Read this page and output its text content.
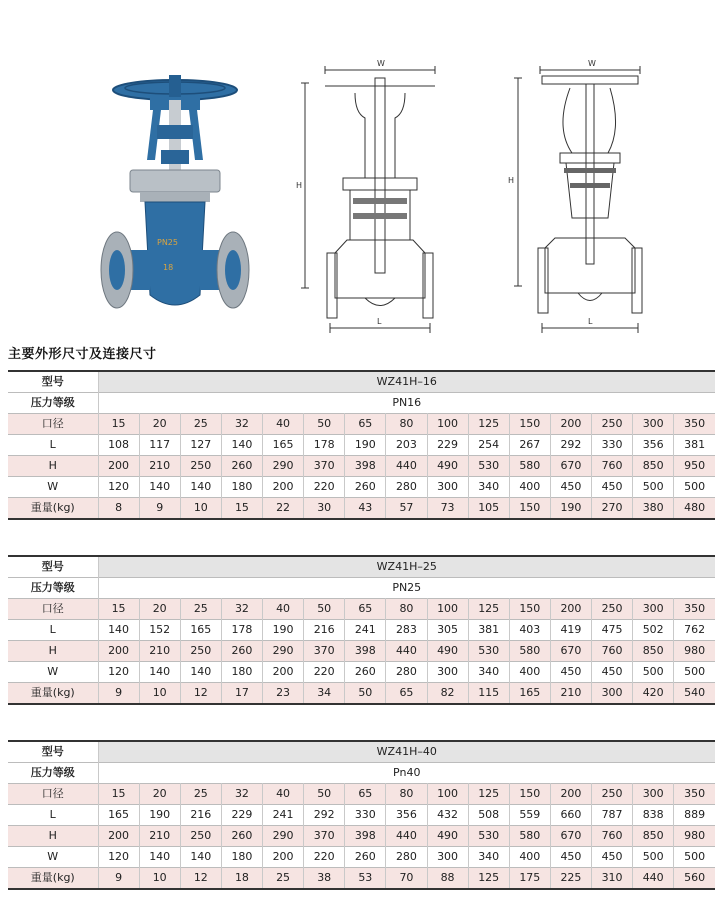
PN25
18
W
H
L
W
H
L
主要外形尺寸及连接尺寸
型号	WZ41H–16														
压力等级	PN16														
口径	15	20	25	32	40	50	65	80	100	125	150	200	250	300	350
L	108	117	127	140	165	178	190	203	229	254	267	292	330	356	381
H	200	210	250	260	290	370	398	440	490	530	580	670	760	850	950
W	120	140	140	180	200	220	260	280	300	340	400	450	450	500	500
重量(kg)	8	9	10	15	22	30	43	57	73	105	150	190	270	380	480
型号	WZ41H–25														
压力等级	PN25														
口径	15	20	25	32	40	50	65	80	100	125	150	200	250	300	350
L	140	152	165	178	190	216	241	283	305	381	403	419	475	502	762
H	200	210	250	260	290	370	398	440	490	530	580	670	760	850	980
W	120	140	140	180	200	220	260	280	300	340	400	450	450	500	500
重量(kg)	9	10	12	17	23	34	50	65	82	115	165	210	300	420	540
型号	WZ41H–40														
压力等级	Pn40														
口径	15	20	25	32	40	50	65	80	100	125	150	200	250	300	350
L	165	190	216	229	241	292	330	356	432	508	559	660	787	838	889
H	200	210	250	260	290	370	398	440	490	530	580	670	760	850	980
W	120	140	140	180	200	220	260	280	300	340	400	450	450	500	500
重量(kg)	9	10	12	18	25	38	53	70	88	125	175	225	310	440	560
